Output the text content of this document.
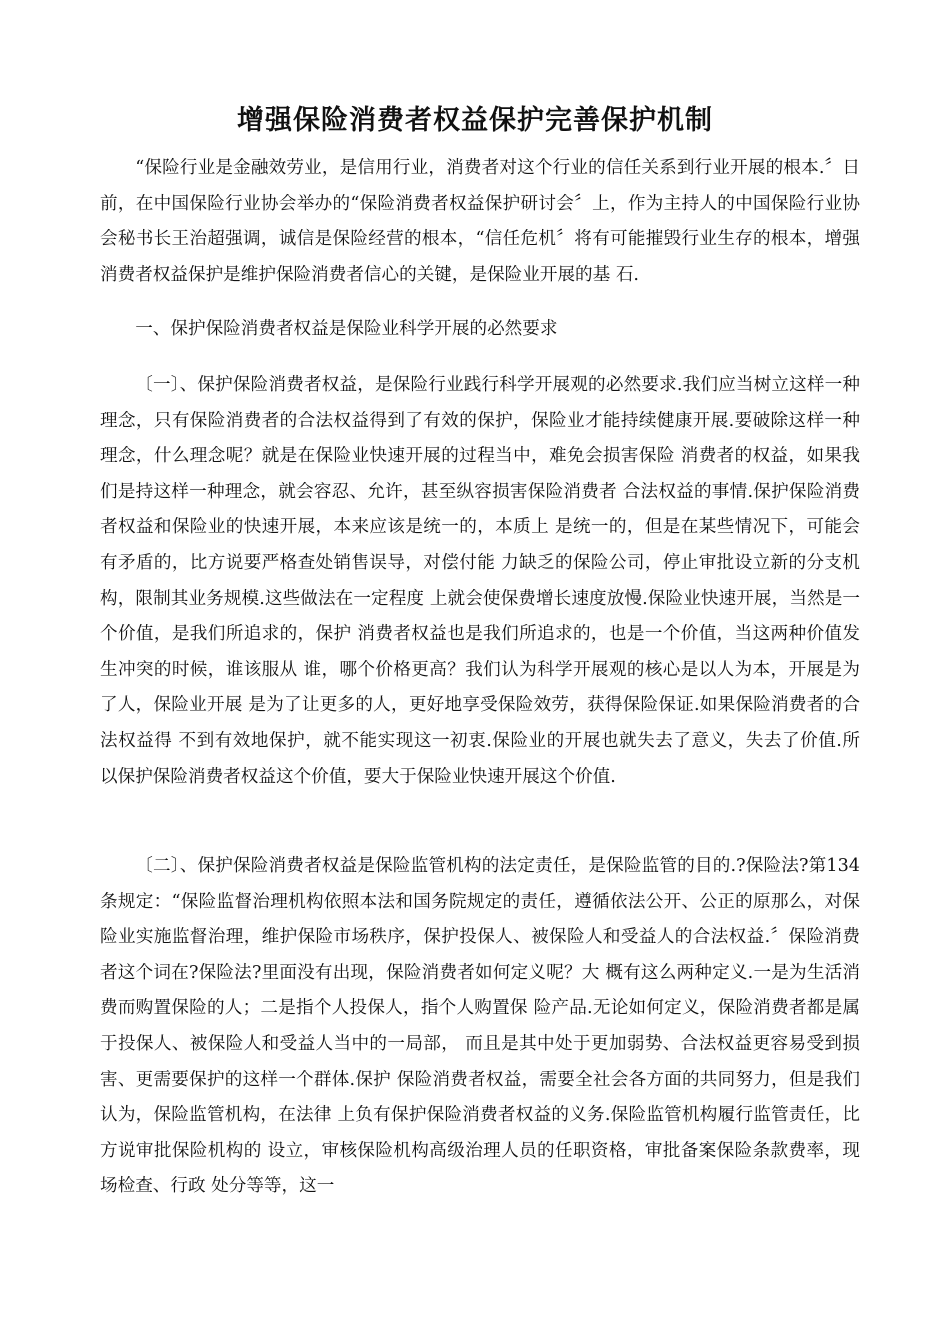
增强保险消费者权益保护完善保护机制

“保险行业是金融效劳业，是信用行业，消费者对这个行业的信任关系到行业开展的根本.〞日前，在中国保险行业协会举办的“保险消费者权益保护研讨会〞上，作为主持人的中国保险行业协会秘书长王治超强调，诚信是保险经营的根本，“信任危机〞将有可能摧毁行业生存的根本，增强消费者权益保护是维护保险消费者信心的关键，是保险业开展的基 石.

一、保护保险消费者权益是保险业科学开展的必然要求

〔一〕、保护保险消费者权益，是保险行业践行科学开展观的必然要求.我们应当树立这样一种理念，只有保险消费者的合法权益得到了有效的保护，保险业才能持续健康开展.要破除这样一种理念，什么理念呢？就是在保险业快速开展的过程当中，难免会损害保险 消费者的权益，如果我们是持这样一种理念，就会容忍、允许，甚至纵容损害保险消费者 合法权益的事情.保护保险消费者权益和保险业的快速开展，本来应该是统一的，本质上 是统一的，但是在某些情况下，可能会有矛盾的，比方说要严格查处销售误导，对偿付能 力缺乏的保险公司，停止审批设立新的分支机构，限制其业务规模.这些做法在一定程度 上就会使保费增长速度放慢.保险业快速开展，当然是一个价值，是我们所追求的，保护 消费者权益也是我们所追求的，也是一个价值，当这两种价值发生冲突的时候，谁该服从 谁，哪个价格更高？我们认为科学开展观的核心是以人为本，开展是为了人，保险业开展 是为了让更多的人，更好地享受保险效劳，获得保险保证.如果保险消费者的合法权益得 不到有效地保护，就不能实现这一初衷.保险业的开展也就失去了意义，失去了价值.所 以保护保险消费者权益这个价值，要大于保险业快速开展这个价值.

〔二〕、保护保险消费者权益是保险监管机构的法定责任，是保险监管的目的.?保险法?第134条规定：“保险监督治理机构依照本法和国务院规定的责任，遵循依法公开、公正的原那么，对保险业实施监督治理，维护保险市场秩序，保护投保人、被保险人和受益人的合法权益.〞保险消费者这个词在?保险法?里面没有出现，保险消费者如何定义呢？大 概有这么两种定义.一是为生活消费而购置保险的人；二是指个人投保人，指个人购置保 险产品.无论如何定义，保险消费者都是属于投保人、被保险人和受益人当中的一局部， 而且是其中处于更加弱势、合法权益更容易受到损害、更需要保护的这样一个群体.保护 保险消费者权益，需要全社会各方面的共同努力，但是我们认为，保险监管机构，在法律 上负有保护保险消费者权益的义务.保险监管机构履行监管责任，比方说审批保险机构的 设立，审核保险机构高级治理人员的任职资格，审批备案保险条款费率，现场检查、行政 处分等等，这一
